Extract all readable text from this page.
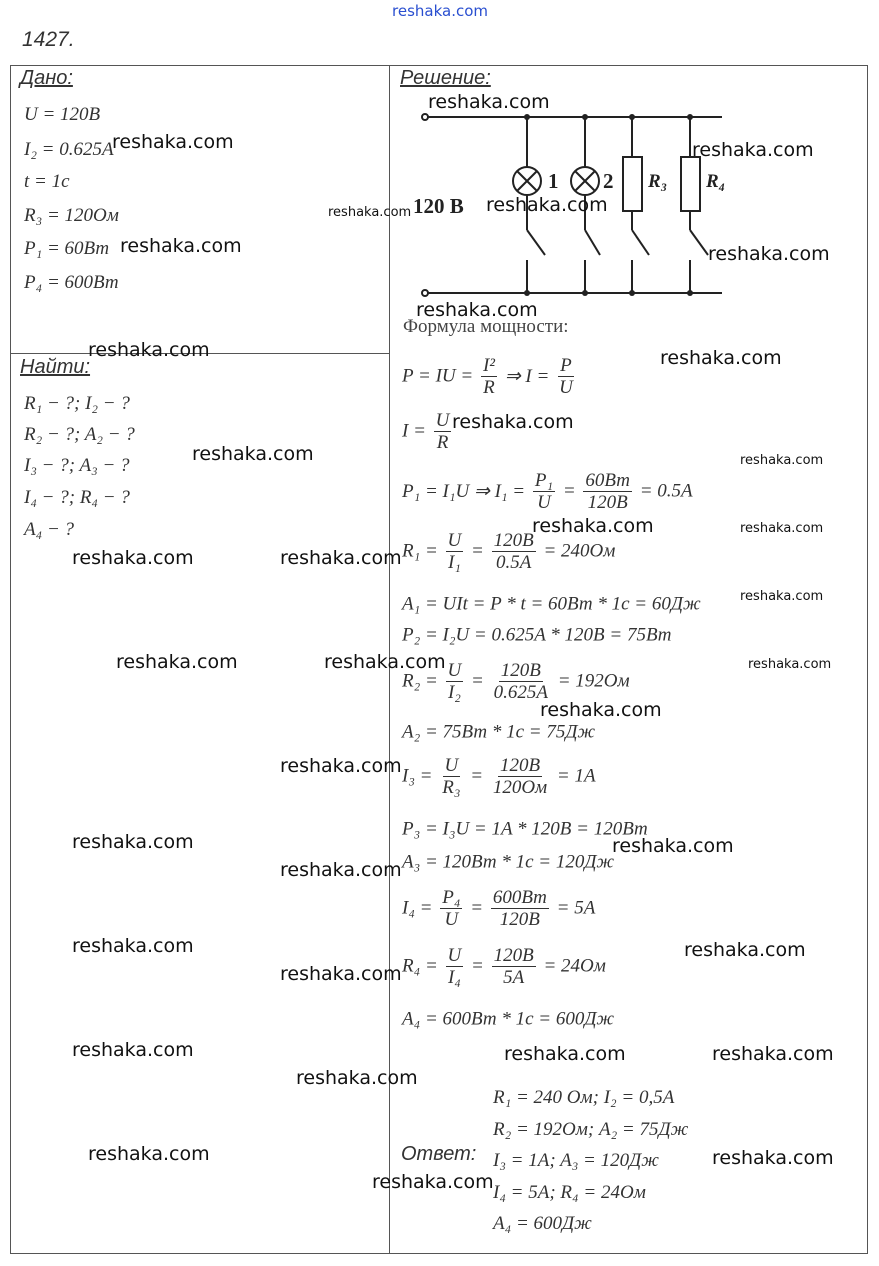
reshaka.com
1427.
Дано:
U = 120B
I₂ = 0.625A
t = 1c
R₃ = 120Ом
P₁ = 60Вт
P₄ = 600Вт
Найти:
R₁ − ?; I₂ − ?
R₂ − ?; A₂ − ?
I₃ − ?; A₃ − ?
I₄ − ?; R₄ − ?
A₄ − ?
Решение:
120 В
1 2 R₃ R₄
Формула мощности:
P = IU = $\frac{\text{I²}}{R}$ ⇒ $I = \frac{P}{U}$
$I = \frac{U}{R}$
P₁ = I₁U ⇒ $I_1 = \frac{\text{P₁}}{U} = \frac{60Вт}{120В} = 0.5A$
$R_1 = \frac{U}{\text{I₁}} = \frac{120В}{0.5A} = 240Ом$
A₁ = UIt = P * t = 60Вт * 1c = 60Дж
P₂ = I₂U = 0.625A * 120B = 75Вт
$R_2 = \frac{U}{\text{I₂}} = \frac{120В}{0.625A} = 192Ом$
A₂ = 75Вт * 1c = 75Дж
$I_3 = \frac{U}{\text{R₃}} = \frac{120В}{120Ом} = 1A$
P₃ = I₃U = 1A * 120B = 120Вт
A₃ = 120Вт * 1c = 120Дж
$I_4 = \frac{\text{P₄}}{U} = \frac{600Вт}{120В} = 5A$
$R_4 = \frac{U}{\text{I₄}} = \frac{120В}{5A} = 24Ом$
A₄ = 600Вт * 1c = 600Дж
Ответ:
R₁ = 240 Ом; I₂ = 0,5A
R₂ = 192Ом; A₂ = 75Дж
I₃ = 1A; A₃ = 120Дж
I₄ = 5A; R₄ = 24Ом
A₄ = 600Дж
reshaka.com
reshaka.com	reshaka.com
reshaka.com	reshaka.com
reshaka.com
reshaka.com	reshaka.com
reshaka.com
reshaka.com
reshaka.com	reshaka.com
reshaka.com
reshaka.com	reshaka.com
reshaka.com
reshaka.com
reshaka.com
reshaka.com
reshaka.com
reshaka.com
reshaka.com
reshaka.com
reshaka.com	reshaka.com	reshaka.com
reshaka.com
reshaka.com	reshaka.com
reshaka.com
reshaka.com
reshaka.com
reshaka.com
reshaka.com
reshaka.com
reshaka.com
